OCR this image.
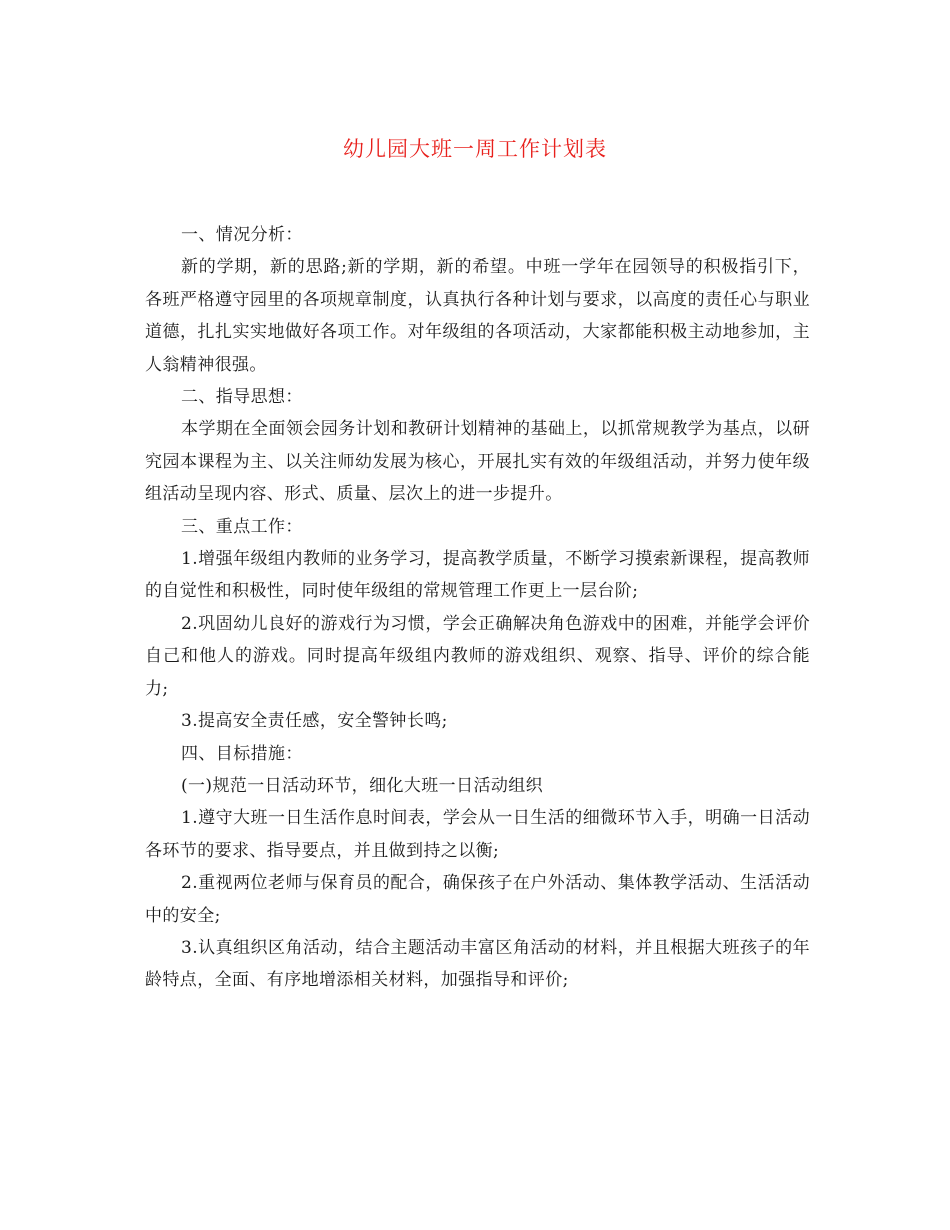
幼儿园大班一周工作计划表

一、情况分析：

新的学期，新的思路;新的学期，新的希望。中班一学年在园领导的积极指引下，各班严格遵守园里的各项规章制度，认真执行各种计划与要求，以高度的责任心与职业道德，扎扎实实地做好各项工作。对年级组的各项活动，大家都能积极主动地参加，主人翁精神很强。

二、指导思想：

本学期在全面领会园务计划和教研计划精神的基础上，以抓常规教学为基点，以研究园本课程为主、以关注师幼发展为核心，开展扎实有效的年级组活动，并努力使年级组活动呈现内容、形式、质量、层次上的进一步提升。

三、重点工作：

1.增强年级组内教师的业务学习，提高教学质量，不断学习摸索新课程，提高教师的自觉性和积极性，同时使年级组的常规管理工作更上一层台阶;

2.巩固幼儿良好的游戏行为习惯，学会正确解决角色游戏中的困难，并能学会评价自己和他人的游戏。同时提高年级组内教师的游戏组织、观察、指导、评价的综合能力;

3.提高安全责任感，安全警钟长鸣;

四、目标措施：

(一)规范一日活动环节，细化大班一日活动组织

1.遵守大班一日生活作息时间表，学会从一日生活的细微环节入手，明确一日活动各环节的要求、指导要点，并且做到持之以衡;

2.重视两位老师与保育员的配合，确保孩子在户外活动、集体教学活动、生活活动中的安全;

3.认真组织区角活动，结合主题活动丰富区角活动的材料，并且根据大班孩子的年龄特点，全面、有序地增添相关材料，加强指导和评价;
